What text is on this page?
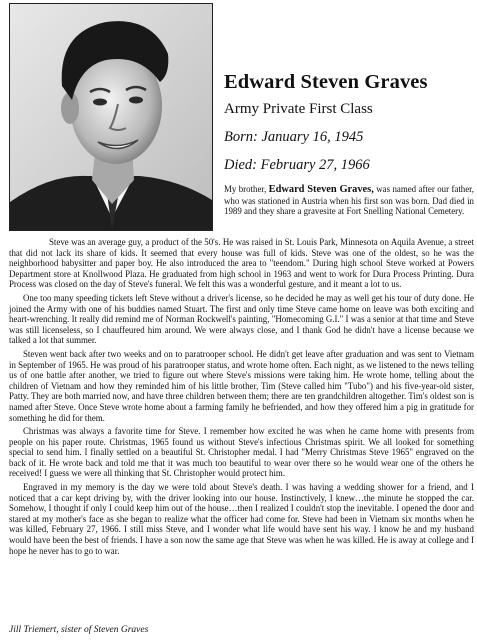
Edward Steven Graves
Army Private First Class
Born: January 16, 1945
Died: February 27, 1966
My brother, Edward Steven Graves, was named after our father, who was stationed in Austria when his first son was born. Dad died in 1989 and they share a gravesite at Fort Snelling National Cemetery.

Steve was an average guy, a product of the 50's. He was raised in St. Louis Park, Minnesota on Aquila Avenue, a street that did not lack its share of kids. It seemed that every house was full of kids. Steve was one of the oldest, so he was the neighborhood babysitter and paper boy. He also introduced the area to "teendom." During high school Steve worked at Powers Department store at Knollwood Plaza. He graduated from high school in 1963 and went to work for Dura Process Printing. Dura Process was closed on the day of Steve's funeral. We felt this was a wonderful gesture, and it meant a lot to us.

One too many speeding tickets left Steve without a driver's license, so he decided he may as well get his tour of duty done. He joined the Army with one of his buddies named Stuart. The first and only time Steve came home on leave was both exciting and heart-wrenching. It really did remind me of Norman Rockwell's painting, "Homecoming G.I." I was a senior at that time and Steve was still licenseless, so I chauffeured him around. We were always close, and I thank God he didn't have a license because we talked a lot that summer.

Steven went back after two weeks and on to paratrooper school. He didn't get leave after graduation and was sent to Vietnam in September of 1965. He was proud of his paratrooper status, and wrote home often. Each night, as we listened to the news telling us of one battle after another, we tried to figure out where Steve's missions were taking him. He wrote home, telling about the children of Vietnam and how they reminded him of his little brother, Tim (Steve called him "Tubo") and his five-year-old sister, Patty. They are both married now, and have three children between them; there are ten grandchildren altogether. Tim's oldest son is named after Steve. Once Steve wrote home about a farming family he befriended, and how they offered him a pig in gratitude for something he did for them.

Christmas was always a favorite time for Steve. I remember how excited he was when he came home with presents from people on his paper route. Christmas, 1965 found us without Steve's infectious Christmas spirit. We all looked for something special to send him. I finally settled on a beautiful St. Christopher medal. I had "Merry Christmas Steve 1965" engraved on the back of it. He wrote back and told me that it was much too beautiful to wear over there so he would wear one of the others he received! I guess we were all thinking that St. Christopher would protect him.

Engraved in my memory is the day we were told about Steve's death. I was having a wedding shower for a friend, and I noticed that a car kept driving by, with the driver looking into our house. Instinctively, I knew…the minute he stopped the car. Somehow, I thought if only I could keep him out of the house…then I realized I couldn't stop the inevitable. I opened the door and stared at my mother's face as she began to realize what the officer had come for. Steve had been in Vietnam six months when he was killed, February 27, 1966. I still miss Steve, and I wonder what life would have sent his way. I know he and my husband would have been the best of friends. I have a son now the same age that Steve was when he was killed. He is away at college and I hope he never has to go to war.

Jill Triemert, sister of Steven Graves
